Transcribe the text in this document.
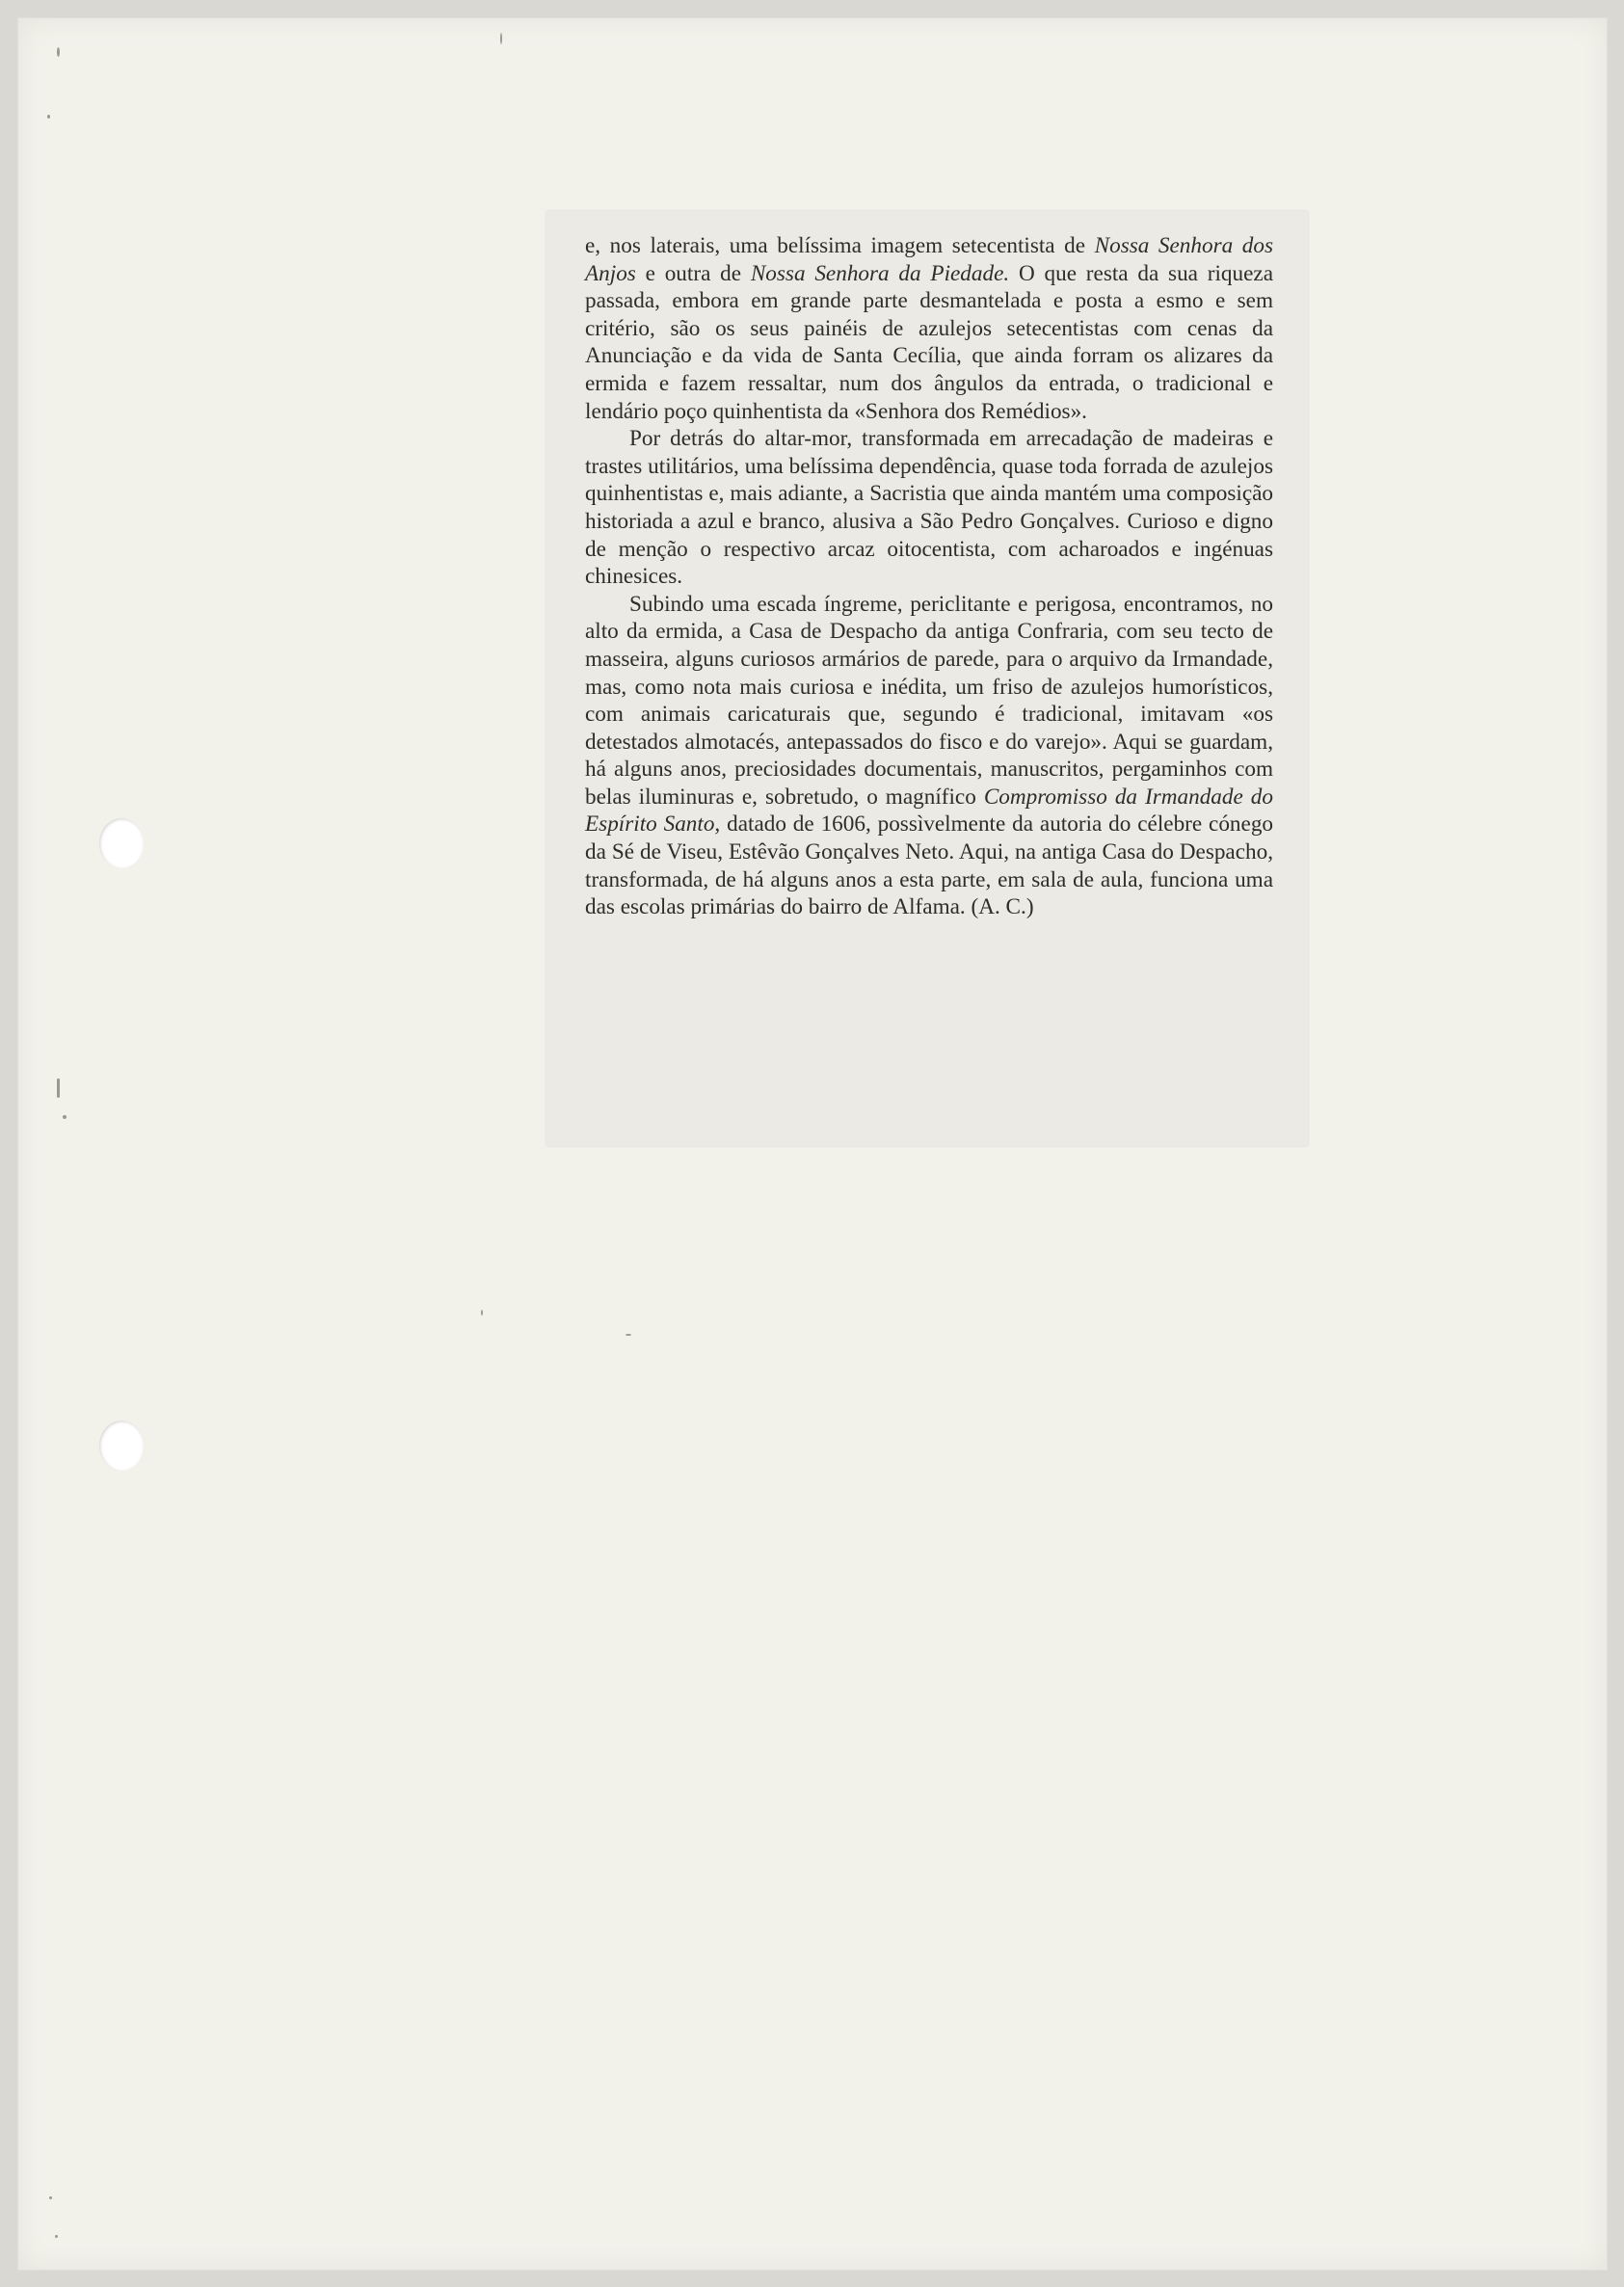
e, nos laterais, uma belíssima imagem setecentista de Nossa Senhora dos Anjos e outra de Nossa Senhora da Piedade. O que resta da sua riqueza passada, embora em grande parte desmantelada e posta a esmo e sem critério, são os seus painéis de azulejos setecentistas com cenas da Anunciação e da vida de Santa Cecília, que ainda forram os alizares da ermida e fazem ressaltar, num dos ângulos da entrada, o tradicional e lendário poço quinhentista da «Senhora dos Remédios».

Por detrás do altar-mor, transformada em arrecadação de madeiras e trastes utilitários, uma belíssima dependência, quase toda forrada de azulejos quinhentistas e, mais adiante, a Sacristia que ainda mantém uma composição historiada a azul e branco, alusiva a São Pedro Gonçalves. Curioso e digno de menção o respectivo arcaz oitocentista, com acharoados e ingénuas chinesices.

Subindo uma escada íngreme, periclitante e perigosa, encontramos, no alto da ermida, a Casa de Despacho da antiga Confraria, com seu tecto de masseira, alguns curiosos armários de parede, para o arquivo da Irmandade, mas, como nota mais curiosa e inédita, um friso de azulejos humorísticos, com animais caricaturais que, segundo é tradicional, imitavam «os detestados almotacés, antepassados do fisco e do varejo». Aqui se guardam, há alguns anos, preciosidades documentais, manuscritos, pergaminhos com belas iluminuras e, sobretudo, o magnífico Compromisso da Irmandade do Espírito Santo, datado de 1606, possìvelmente da autoria do célebre cónego da Sé de Viseu, Estêvão Gonçalves Neto. Aqui, na antiga Casa do Despacho, transformada, de há alguns anos a esta parte, em sala de aula, funciona uma das escolas primárias do bairro de Alfama. (A. C.)
